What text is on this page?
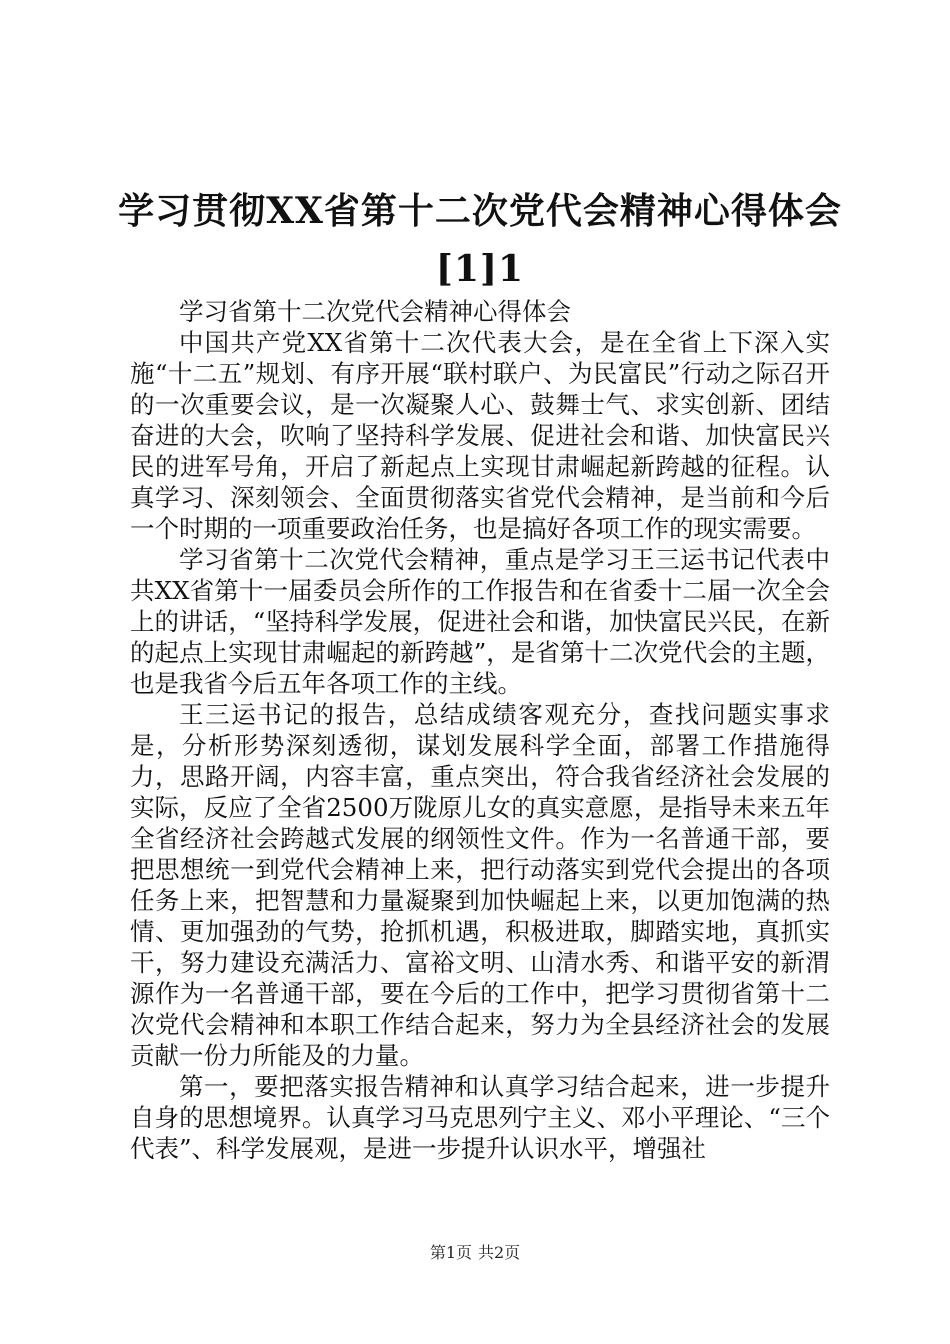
学习贯彻XX省第十二次党代会精神心得体会[1]1

学习省第十二次党代会精神心得体会

中国共产党XX省第十二次代表大会，是在全省上下深入实施“十二五”规划、有序开展“联村联户、为民富民”行动之际召开的一次重要会议，是一次凝聚人心、鼓舞士气、求实创新、团结奋进的大会，吹响了坚持科学发展、促进社会和谐、加快富民兴民的进军号角，开启了新起点上实现甘肃崛起新跨越的征程。认真学习、深刻领会、全面贯彻落实省党代会精神，是当前和今后一个时期的一项重要政治任务，也是搞好各项工作的现实需要。

学习省第十二次党代会精神，重点是学习王三运书记代表中共XX省第十一届委员会所作的工作报告和在省委十二届一次全会上的讲话，“坚持科学发展，促进社会和谐，加快富民兴民，在新的起点上实现甘肃崛起的新跨越”，是省第十二次党代会的主题，也是我省今后五年各项工作的主线。

王三运书记的报告，总结成绩客观充分，查找问题实事求是，分析形势深刻透彻，谋划发展科学全面，部署工作措施得力，思路开阔，内容丰富，重点突出，符合我省经济社会发展的实际，反应了全省2500万陇原儿女的真实意愿，是指导未来五年全省经济社会跨越式发展的纲领性文件。作为一名普通干部，要把思想统一到党代会精神上来，把行动落实到党代会提出的各项任务上来，把智慧和力量凝聚到加快崛起上来，以更加饱满的热情、更加强劲的气势，抢抓机遇，积极进取，脚踏实地，真抓实干，努力建设充满活力、富裕文明、山清水秀、和谐平安的新渭源作为一名普通干部，要在今后的工作中，把学习贯彻省第十二次党代会精神和本职工作结合起来，努力为全县经济社会的发展贡献一份力所能及的力量。

第一，要把落实报告精神和认真学习结合起来，进一步提升自身的思想境界。认真学习马克思列宁主义、邓小平理论、“三个代表”、科学发展观，是进一步提升认识水平，增强社

第1页 共2页
